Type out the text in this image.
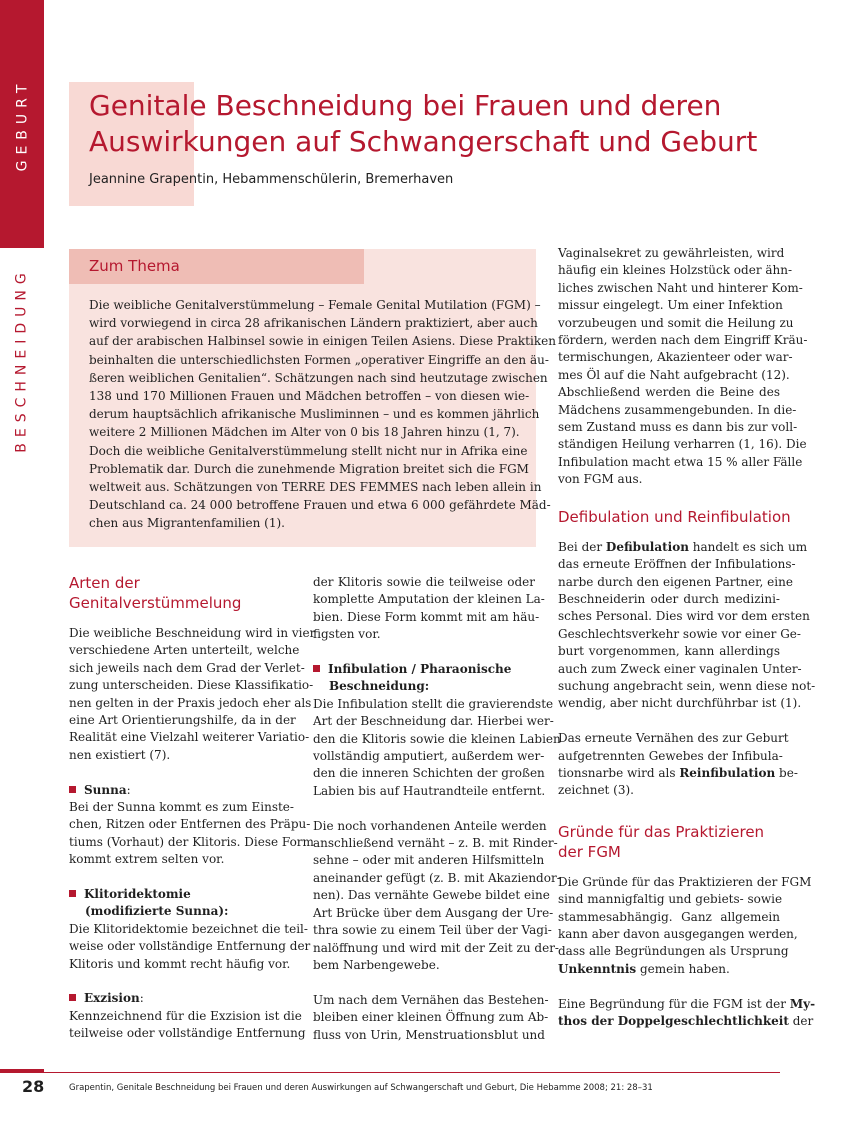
GEBURT
BESCHNEIDUNG
Genitale Beschneidung bei Frauen und deren
Auswirkungen auf Schwangerschaft und Geburt
Jeannine Grapentin, Hebammenschülerin, Bremerhaven
Zum Thema
Die weibliche Genitalverstümmelung – Female Genital Mutilation (FGM) –
wird vorwiegend in circa 28 afrikanischen Ländern praktiziert, aber auch
auf der arabischen Halbinsel sowie in einigen Teilen Asiens. Diese Praktiken
beinhalten die unterschiedlichsten Formen „operativer Eingriffe an den äu-
ßeren weiblichen Genitalien“. Schätzungen nach sind heutzutage zwischen
138 und 170 Millionen Frauen und Mädchen betroffen – von diesen wie-
derum hauptsächlich afrikanische Musliminnen – und es kommen jährlich
weitere 2 Millionen Mädchen im Alter von 0 bis 18 Jahren hinzu (1, 7).
Doch die weibliche Genitalverstümmelung stellt nicht nur in Afrika eine
Problematik dar. Durch die zunehmende Migration breitet sich die FGM
weltweit aus. Schätzungen von TERRE DES FEMMES nach leben allein in
Deutschland ca. 24 000 betroffene Frauen und etwa 6 000 gefährdete Mäd-
chen aus Migrantenfamilien (1).
Arten der
Genitalverstümmelung
Die weibliche Beschneidung wird in vier
verschiedene Arten unterteilt, welche
sich jeweils nach dem Grad der Verlet-
zung unterscheiden. Diese Klassifikatio-
nen gelten in der Praxis jedoch eher als
eine Art Orientierungshilfe, da in der
Realität eine Vielzahl weiterer Variatio-
nen existiert (7).
Sunna:
Bei der Sunna kommt es zum Einste-
chen, Ritzen oder Entfernen des Präpu-
tiums (Vorhaut) der Klitoris. Diese Form
kommt extrem selten vor.
Klitoridektomie
(modifizierte Sunna):
Die Klitoridektomie bezeichnet die teil-
weise oder vollständige Entfernung der
Klitoris und kommt recht häufig vor.
Exzision:
Kennzeichnend für die Exzision ist die
teilweise oder vollständige Entfernung
der Klitoris sowie die teilweise oder
komplette Amputation der kleinen La-
bien. Diese Form kommt mit am häu-
figsten vor.
Infibulation / Pharaonische
Beschneidung:
Die Infibulation stellt die gravierendste
Art der Beschneidung dar. Hierbei wer-
den die Klitoris sowie die kleinen Labien
vollständig amputiert, außerdem wer-
den die inneren Schichten der großen
Labien bis auf Hautrandteile entfernt.
Die noch vorhandenen Anteile werden
anschließend vernäht – z. B. mit Rinder-
sehne – oder mit anderen Hilfsmitteln
aneinander gefügt (z. B. mit Akaziendor-
nen). Das vernähte Gewebe bildet eine
Art Brücke über dem Ausgang der Ure-
thra sowie zu einem Teil über der Vagi-
nalöffnung und wird mit der Zeit zu der-
bem Narbengewebe.
Um nach dem Vernähen das Bestehen-
bleiben einer kleinen Öffnung zum Ab-
fluss von Urin, Menstruationsblut und
Vaginalsekret zu gewährleisten, wird
häufig ein kleines Holzstück oder ähn-
liches zwischen Naht und hinterer Kom-
missur eingelegt. Um einer Infektion
vorzubeugen und somit die Heilung zu
fördern, werden nach dem Eingriff Kräu-
termischungen, Akazienteer oder war-
mes Öl auf die Naht aufgebracht (12).
Abschließend werden die Beine des
Mädchens zusammengebunden. In die-
sem Zustand muss es dann bis zur voll-
ständigen Heilung verharren (1, 16). Die
Infibulation macht etwa 15 % aller Fälle
von FGM aus.
Defibulation und Reinfibulation
Bei der Defibulation handelt es sich um
das erneute Eröffnen der Infibulations-
narbe durch den eigenen Partner, eine
Beschneiderin oder durch medizini-
sches Personal. Dies wird vor dem ersten
Geschlechtsverkehr sowie vor einer Ge-
burt vorgenommen, kann allerdings
auch zum Zweck einer vaginalen Unter-
suchung angebracht sein, wenn diese not-
wendig, aber nicht durchführbar ist (1).
Das erneute Vernähen des zur Geburt
aufgetrennten Gewebes der Infibula-
tionsnarbe wird als Reinfibulation be-
zeichnet (3).
Gründe für das Praktizieren
der FGM
Die Gründe für das Praktizieren der FGM
sind mannigfaltig und gebiets- sowie
stammesabhängig. Ganz allgemein
kann aber davon ausgegangen werden,
dass alle Begründungen als Ursprung
Unkenntnis gemein haben.
Eine Begründung für die FGM ist der My-
thos der Doppelgeschlechtlichkeit der
28	Grapentin, Genitale Beschneidung bei Frauen und deren Auswirkungen auf Schwangerschaft und Geburt, Die Hebamme 2008; 21: 28–31
